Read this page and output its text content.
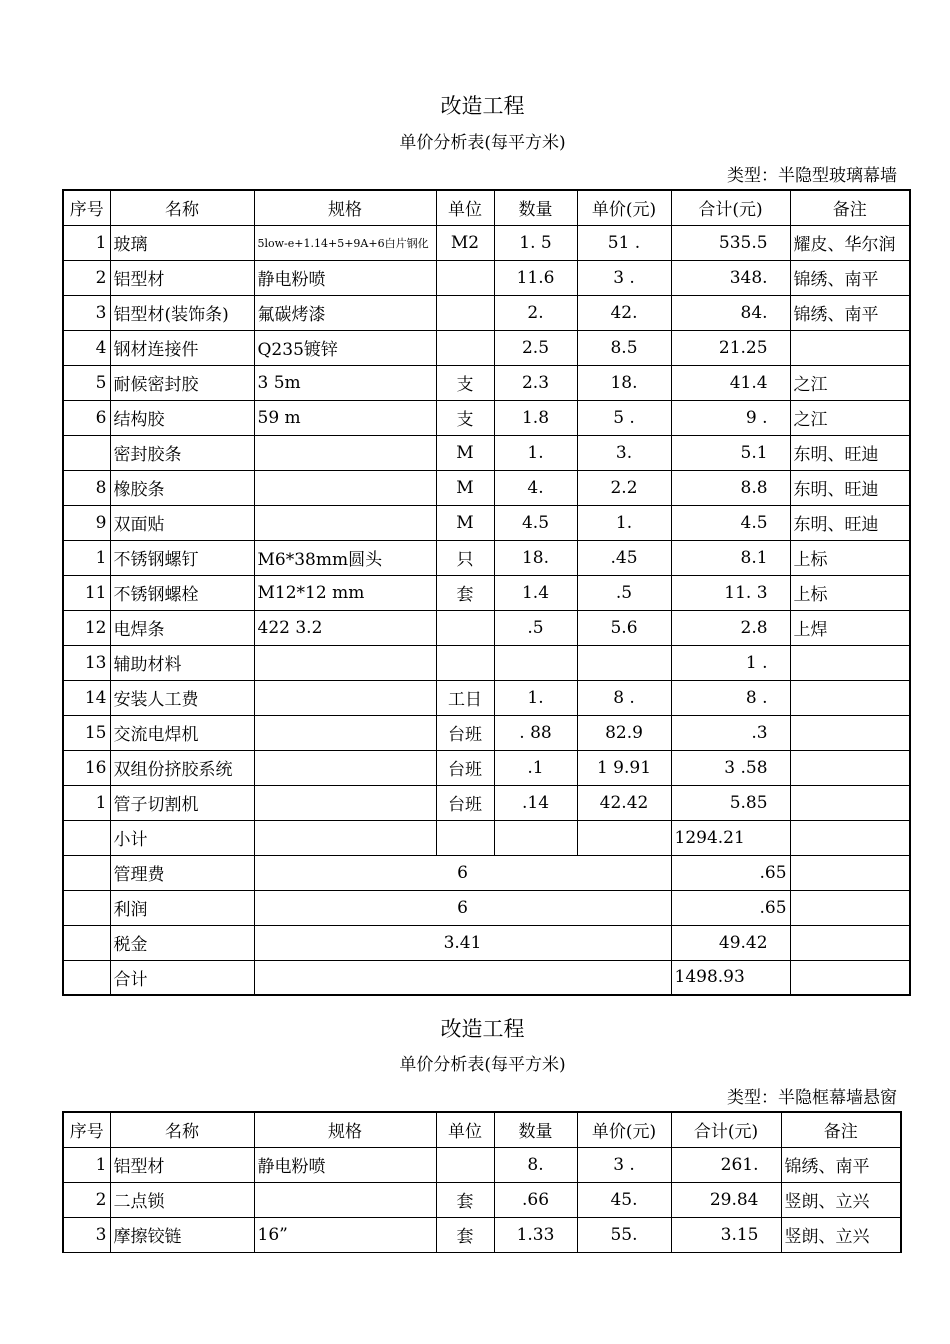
改造工程
单价分析表(每平方米)
类型：半隐型玻璃幕墙
序号	名称	规格	单位	数量	单价(元)	合计(元)	备注
1	玻璃	5low-e+1.14+5+9A+6白片钢化	M2	1. 5	51 .	535.5	耀皮、华尔润
2	铝型材	静电粉喷		11.6	3 .	348.	锦绣、南平
3	铝型材(装饰条)	氟碳烤漆		2.	42.	84.	锦绣、南平
4	钢材连接件	Q235镀锌		2.5	8.5	21.25	
5	耐候密封胶	3 5m	支	2.3	18.	41.4	之江
6	结构胶	59 m	支	1.8	5 .	9 .	之江
	密封胶条		M	1.	3.	5.1	东明、旺迪
8	橡胶条		M	4.	2.2	8.8	东明、旺迪
9	双面贴		M	4.5	1.	4.5	东明、旺迪
1	不锈钢螺钉	M6*38mm圆头	只	18.	.45	8.1	上标
11	不锈钢螺栓	M12*12 mm	套	1.4	.5	11. 3	上标
12	电焊条	422 3.2		.5	5.6	2.8	上焊
13	辅助材料					1 .	
14	安装人工费		工日	1.	8 .	8 .	
15	交流电焊机		台班	. 88	82.9	.3	
16	双组份挤胶系统		台班	.1	1 9.91	3 .58	
1	管子切割机		台班	.14	42.42	5.85	
	小计					1294.21	
	管理费	6				.65	
	利润	6				.65	
	税金	3.41				49.42	
	合计					1498.93	
改造工程
单价分析表(每平方米)
类型：半隐框幕墙悬窗
序号	名称	规格	单位	数量	单价(元)	合计(元)	备注
1	铝型材	静电粉喷		8.	3 .	261.	锦绣、南平
2	二点锁		套	.66	45.	29.84	竖朗、立兴
3	摩擦铰链	16”	套	1.33	55.	3.15	竖朗、立兴
